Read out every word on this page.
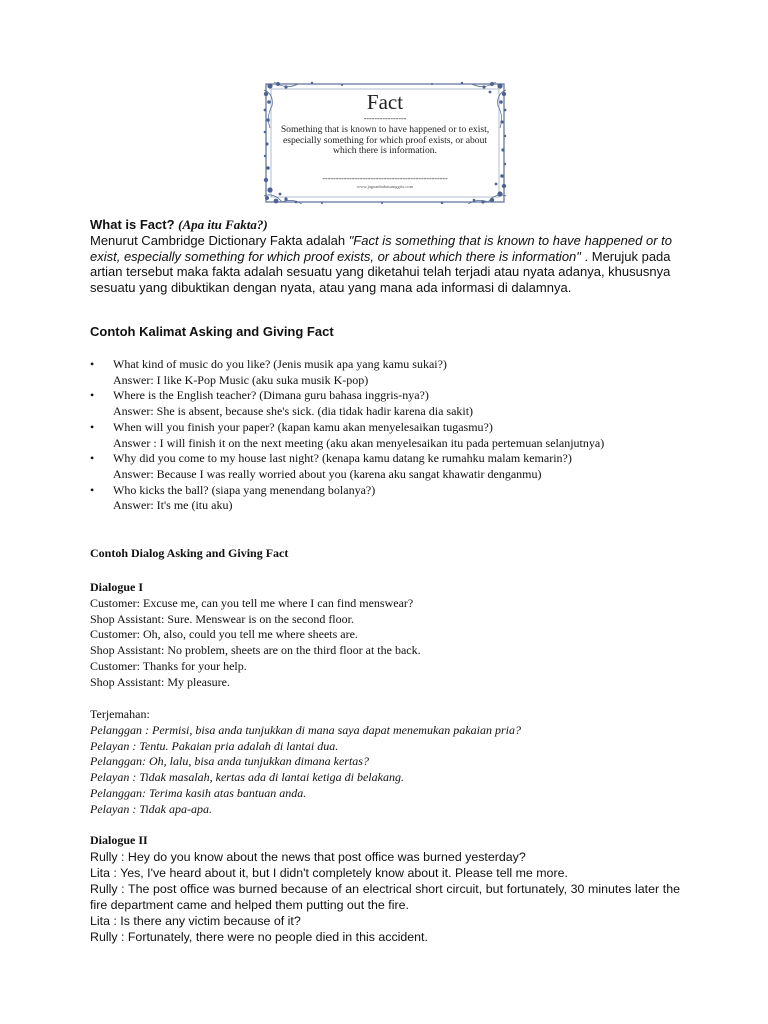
Fact
----------------
Something that is known to have happened or to exist, especially something for which proof exists, or about which there is information.
-----------------------------------------------
www.jagoanbahasainggris.com
What is Fact? (Apa itu Fakta?)
Menurut Cambridge Dictionary Fakta adalah "Fact is something that is known to have happened or to exist, especially something for which proof exists, or about which there is information" . Merujuk pada artian tersebut maka fakta adalah sesuatu yang diketahui telah terjadi atau nyata adanya, khususnya sesuatu yang dibuktikan dengan nyata, atau yang mana ada informasi di dalamnya.
Contoh Kalimat Asking and Giving Fact
• What kind of music do you like? (Jenis musik apa yang kamu sukai?)
Answer: I like K-Pop Music (aku suka musik K-pop)
• Where is the English teacher? (Dimana guru bahasa inggris-nya?)
Answer: She is absent, because she's sick. (dia tidak hadir karena dia sakit)
• When will you finish your paper? (kapan kamu akan menyelesaikan tugasmu?)
Answer : I will finish it on the next meeting (aku akan menyelesaikan itu pada pertemuan selanjutnya)
• Why did you come to my house last night? (kenapa kamu datang ke rumahku malam kemarin?)
Answer: Because I was really worried about you (karena aku sangat khawatir denganmu)
• Who kicks the ball? (siapa yang menendang bolanya?)
Answer: It's me (itu aku)
Contoh Dialog Asking and Giving Fact
Dialogue I
Customer: Excuse me, can you tell me where I can find menswear?
Shop Assistant: Sure. Menswear is on the second floor.
Customer: Oh, also, could you tell me where sheets are.
Shop Assistant: No problem, sheets are on the third floor at the back.
Customer: Thanks for your help.
Shop Assistant: My pleasure.
Terjemahan:
Pelanggan : Permisi, bisa anda tunjukkan di mana saya dapat menemukan pakaian pria?
Pelayan : Tentu. Pakaian pria adalah di lantai dua.
Pelanggan: Oh, lalu, bisa anda tunjukkan dimana kertas?
Pelayan : Tidak masalah, kertas ada di lantai ketiga di belakang.
Pelanggan: Terima kasih atas bantuan anda.
Pelayan : Tidak apa-apa.
Dialogue II
Rully : Hey do you know about the news that post office was burned yesterday?
Lita : Yes, I've heard about it, but I didn't completely know about it. Please tell me more.
Rully : The post office was burned because of an electrical short circuit, but fortunately, 30 minutes later the fire department came and helped them putting out the fire.
Lita : Is there any victim because of it?
Rully : Fortunately, there were no people died in this accident.
